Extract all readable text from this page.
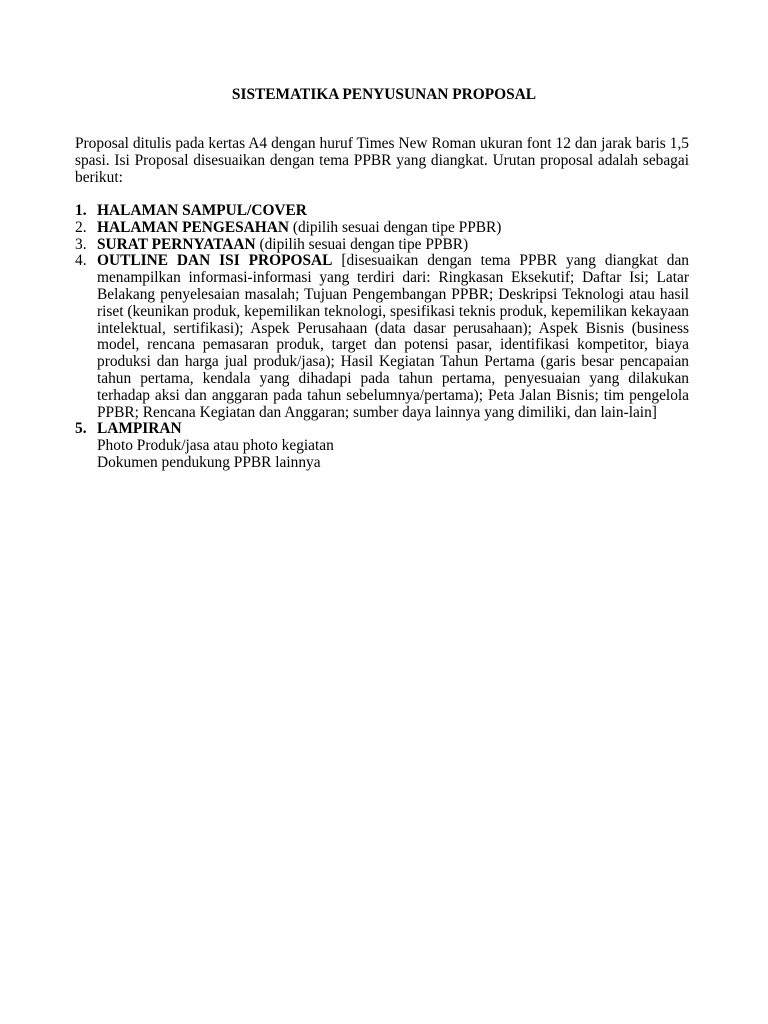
SISTEMATIKA PENYUSUNAN PROPOSAL

Proposal ditulis pada kertas A4 dengan huruf Times New Roman ukuran font 12 dan jarak baris 1,5 spasi. Isi Proposal disesuaikan dengan tema PPBR yang diangkat. Urutan proposal adalah sebagai berikut:

1. HALAMAN SAMPUL/COVER
2. HALAMAN PENGESAHAN (dipilih sesuai dengan tipe PPBR)
3. SURAT PERNYATAAN (dipilih sesuai dengan tipe PPBR)
4. OUTLINE DAN ISI PROPOSAL [disesuaikan dengan tema PPBR yang diangkat dan menampilkan informasi-informasi yang terdiri dari: Ringkasan Eksekutif; Daftar Isi; Latar Belakang penyelesaian masalah; Tujuan Pengembangan PPBR; Deskripsi Teknologi atau hasil riset (keunikan produk, kepemilikan teknologi, spesifikasi teknis produk, kepemilikan kekayaan intelektual, sertifikasi); Aspek Perusahaan (data dasar perusahaan); Aspek Bisnis (business model, rencana pemasaran produk, target dan potensi pasar, identifikasi kompetitor, biaya produksi dan harga jual produk/jasa); Hasil Kegiatan Tahun Pertama (garis besar pencapaian tahun pertama, kendala yang dihadapi pada tahun pertama, penyesuaian yang dilakukan terhadap aksi dan anggaran pada tahun sebelumnya/pertama); Peta Jalan Bisnis; tim pengelola PPBR; Rencana Kegiatan dan Anggaran; sumber daya lainnya yang dimiliki, dan lain-lain]
5. LAMPIRAN
Photo Produk/jasa atau photo kegiatan
Dokumen pendukung PPBR lainnya
